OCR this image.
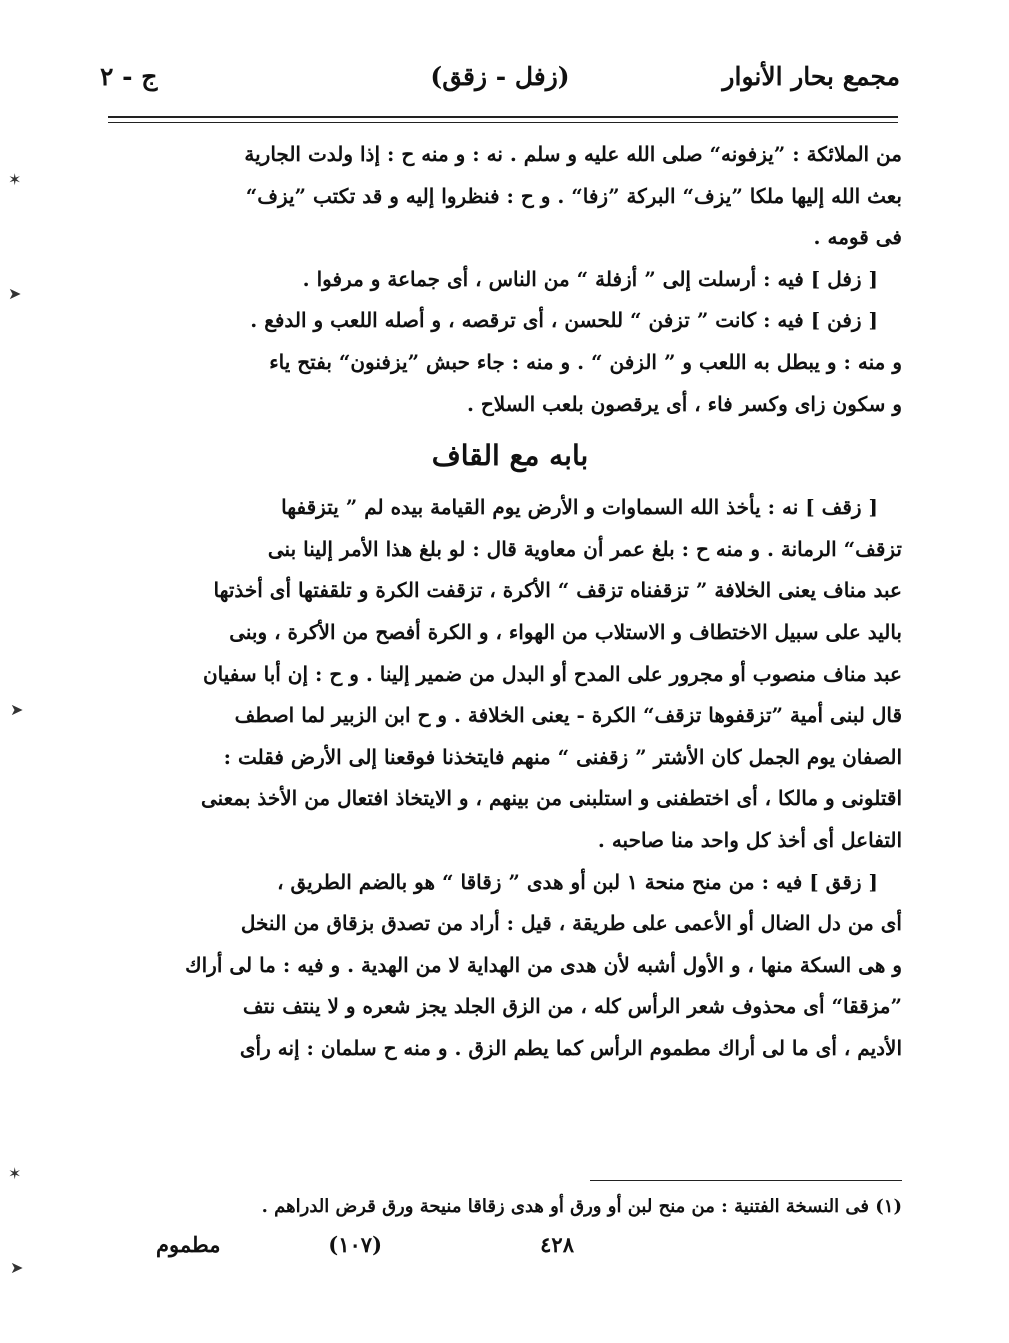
مجمع بحار الأنوار
(زفل - زقق)
ج - ٢

من الملائكة : ”يزفونه“ صلى الله عليه و سلم . نه : و منه ح : إذا ولدت الجارية

بعث الله إليها ملكا ”يزف“ البركة ”زفا“ . و ح : فنظروا إليه و قد تكتب ”يزف“

فى قومه .

[ زفل ] فيه : أرسلت إلى ” أزفلة “ من الناس ، أى جماعة و مرفوا .

[ زفن ] فيه : كانت ” تزفن “ للحسن ، أى ترقصه ، و أصله اللعب و الدفع .

و منه : و يبطل به اللعب و ” الزفن “ . و منه : جاء حبش ”يزفنون“ بفتح ياء

و سكون زاى وكسر فاء ، أى يرقصون بلعب السلاح .

بابه مع القاف

[ زقف ] نه : يأخذ الله السماوات و الأرض يوم القيامة بيده لم ” يتزقفها

تزقف“ الرمانة . و منه ح : بلغ عمر أن معاوية قال : لو بلغ هذا الأمر إلينا بنى

عبد مناف يعنى الخلافة ” تزقفناه تزقف “ الأكرة ، تزقفت الكرة و تلقفتها أى أخذتها

باليد على سبيل الاختطاف و الاستلاب من الهواء ، و الكرة أفصح من الأكرة ، وبنى

عبد مناف منصوب أو مجرور على المدح أو البدل من ضمير إلينا . و ح : إن أبا سفيان

قال لبنى أمية ”تزقفوها تزقف“ الكرة - يعنى الخلافة . و ح ابن الزبير لما اصطف

الصفان يوم الجمل كان الأشتر ” زقفنى “ منهم فايتخذنا فوقعنا إلى الأرض فقلت :

اقتلونى و مالكا ، أى اختطفنى و استلبنى من بينهم ، و الايتخاذ افتعال من الأخذ بمعنى

التفاعل أى أخذ كل واحد منا صاحبه .

[ زقق ] فيه : من منح منحة ١ لبن أو هدى ” زقاقا “ هو بالضم الطريق ،

أى من دل الضال أو الأعمى على طريقة ، قيل : أراد من تصدق بزقاق من النخل

و هى السكة منها ، و الأول أشبه لأن هدى من الهداية لا من الهدية . و فيه : ما لى أراك

”مزققا“ أى محذوف شعر الرأس كله ، من الزق الجلد يجز شعره و لا ينتف نتف

الأديم ، أى ما لى أراك مطموم الرأس كما يطم الزق . و منه ح سلمان : إنه رأى

(١) فى النسخة الفتنية : من منح لبن أو ورق أو هدى زقاقا منيحة ورق قرض الدراهم .
٤٢٨
(١٠٧)
مطموم
✶
➤
➤
✶
➤
